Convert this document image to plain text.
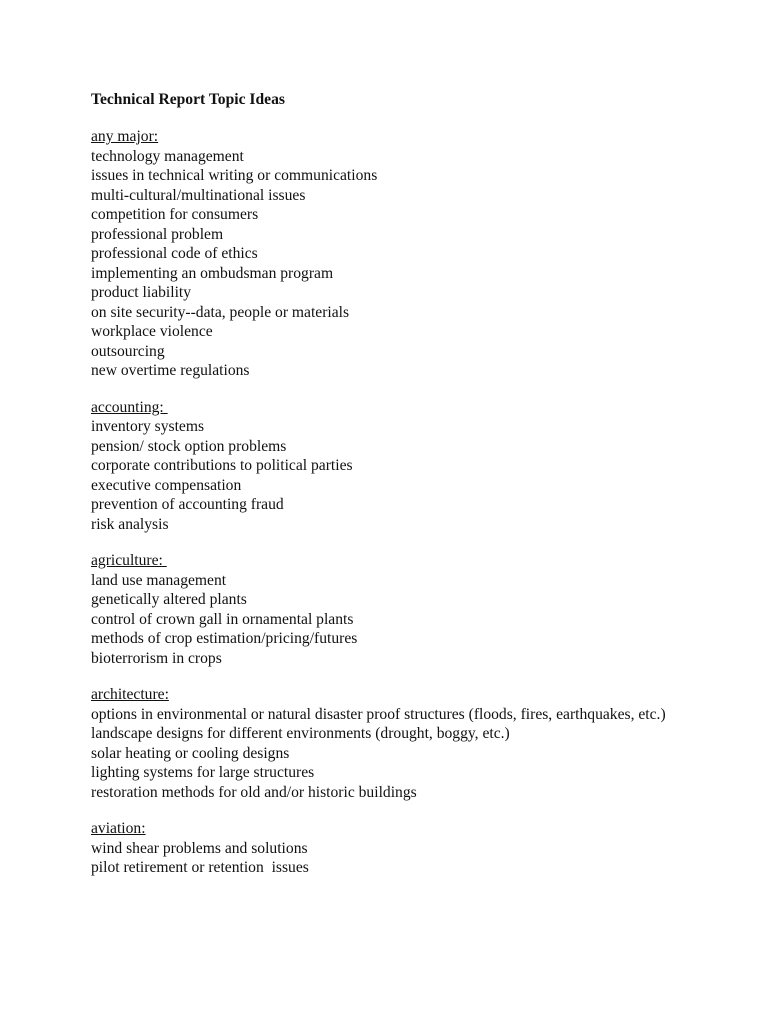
Technical Report Topic Ideas
any major:
technology management
issues in technical writing or communications
multi-cultural/multinational issues
competition for consumers
professional problem
professional code of ethics
implementing an ombudsman program
product liability
on site security--data, people or materials
workplace violence
outsourcing
new overtime regulations
accounting:
inventory systems
pension/ stock option problems
corporate contributions to political parties
executive compensation
prevention of accounting fraud
risk analysis
agriculture:
land use management
genetically altered plants
control of crown gall in ornamental plants
methods of crop estimation/pricing/futures
bioterrorism in crops
architecture:
options in environmental or natural disaster proof structures (floods, fires, earthquakes, etc.)
landscape designs for different environments (drought, boggy, etc.)
solar heating or cooling designs
lighting systems for large structures
restoration methods for old and/or historic buildings
aviation:
wind shear problems and solutions
pilot retirement or retention  issues
